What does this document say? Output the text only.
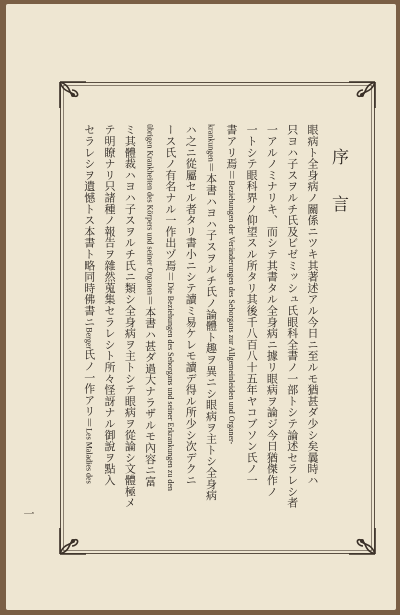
序言
眼病ト全身病ノ關係ニツキ其著述アル今日ニ至ルモ猶甚ダ少シ矣曩時ハ
只ヨハ子スヲルチ氏及ビゼミッシュ氏眼科全書ノ一部トシテ論述セラレシ者
一アルノミナリキ、而シテ其書タル全身病ニ據リ眼病ヲ論ジ今日猶傑作ノ
一トシテ眼科界ノ仰望スル所タリ其後千八百八十五年ヤコブソン氏ノ一
書アリ焉＝Beziehungen der Veränderungen des Sehorgans zur Allgemeinleiden und Organer-
krankungen＝本書ハヨハ子スヲルチ氏ノ論體ト趣ヲ異ニシ眼病ヲ主トシ全身病
ハ之ニ從屬セル者タリ書小ニシテ讀ミ易ケレモ讀デ得ル所少シ次デクニ
ース氏ノ有名ナル一作出ヅ焉＝Die Beziehungen des Sehorgans und seiner Erkrankungen zu den
übrigen Krankheiten des Körpers und seiner Organen＝本書ハ甚ダ過大ナラザルモ內容ニ富
ミ其體裁ハヨハ子スヲルチ氏ニ類シ全身病ヲ主トシテ眼病ヲ從論シ文體極メ
テ明瞭ナリ只諸種ノ報告ヲ雜然蒐集セラレシト所々怪訝ナル御說ヲ點入
セラレシヲ遺憾トス本書ト略同時佛書ニBerger氏ノ一作アリ＝Les Maladies des
一
